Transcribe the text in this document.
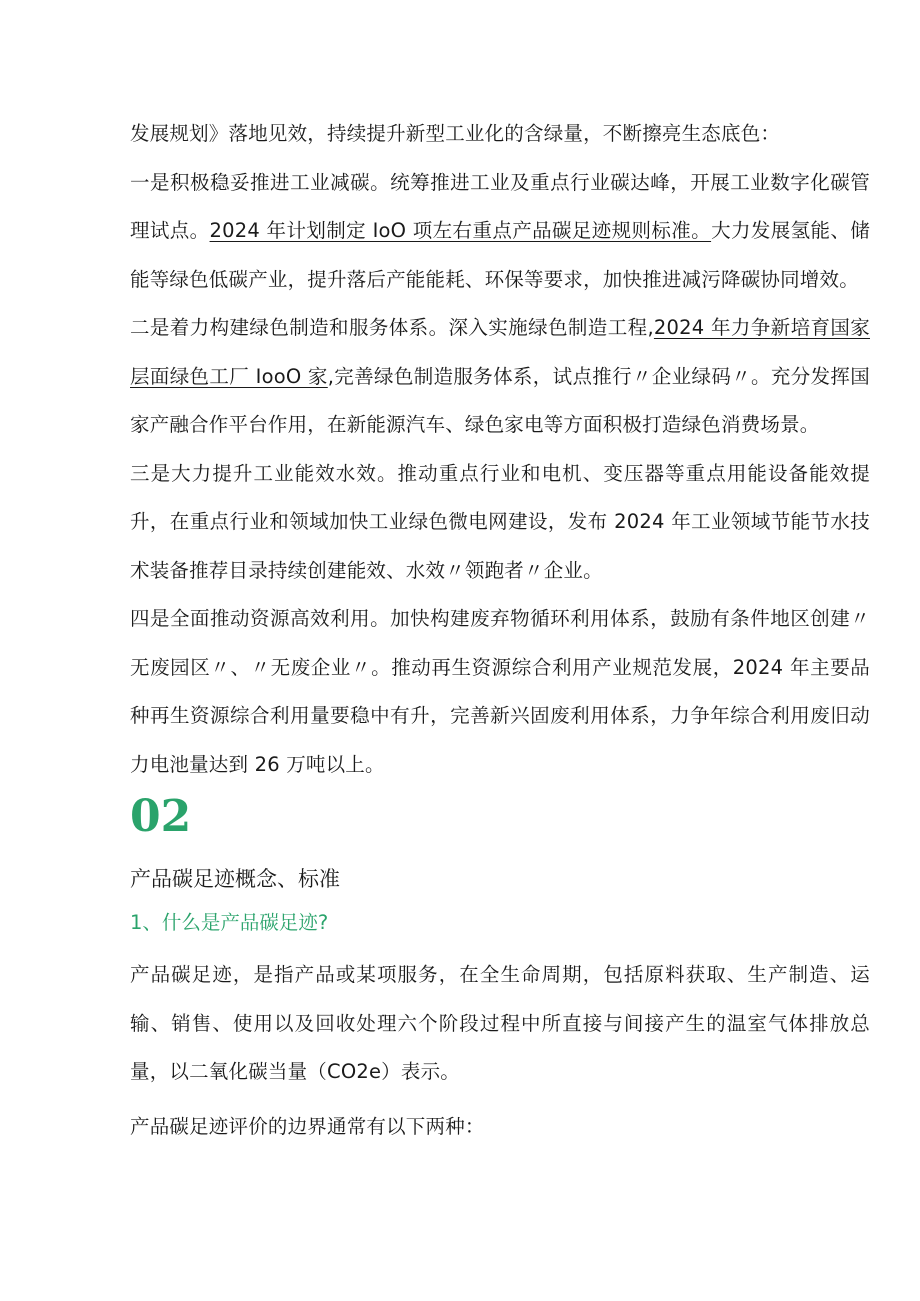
发展规划》落地见效，持续提升新型工业化的含绿量，不断擦亮生态底色：

一是积极稳妥推进工业减碳。统筹推进工业及重点行业碳达峰，开展工业数字化碳管理试点。2024 年计划制定 IoO 项左右重点产品碳足迹规则标准。大力发展氢能、储能等绿色低碳产业，提升落后产能能耗、环保等要求，加快推进减污降碳协同增效。

二是着力构建绿色制造和服务体系。深入实施绿色制造工程,2024 年力争新培育国家层面绿色工厂 IooO 家,完善绿色制造服务体系，试点推行〃企业绿码〃。充分发挥国家产融合作平台作用，在新能源汽车、绿色家电等方面积极打造绿色消费场景。

三是大力提升工业能效水效。推动重点行业和电机、变压器等重点用能设备能效提升，在重点行业和领域加快工业绿色微电网建设，发布 2024 年工业领域节能节水技术装备推荐目录持续创建能效、水效〃领跑者〃企业。

四是全面推动资源高效利用。加快构建废弃物循环利用体系，鼓励有条件地区创建〃无废园区〃、〃无废企业〃。推动再生资源综合利用产业规范发展，2024 年主要品种再生资源综合利用量要稳中有升，完善新兴固废利用体系，力争年综合利用废旧动力电池量达到 26 万吨以上。

02

产品碳足迹概念、标准

1、什么是产品碳足迹?

产品碳足迹，是指产品或某项服务，在全生命周期，包括原料获取、生产制造、运输、销售、使用以及回收处理六个阶段过程中所直接与间接产生的温室气体排放总量，以二氧化碳当量（CO2e）表示。

产品碳足迹评价的边界通常有以下两种：
